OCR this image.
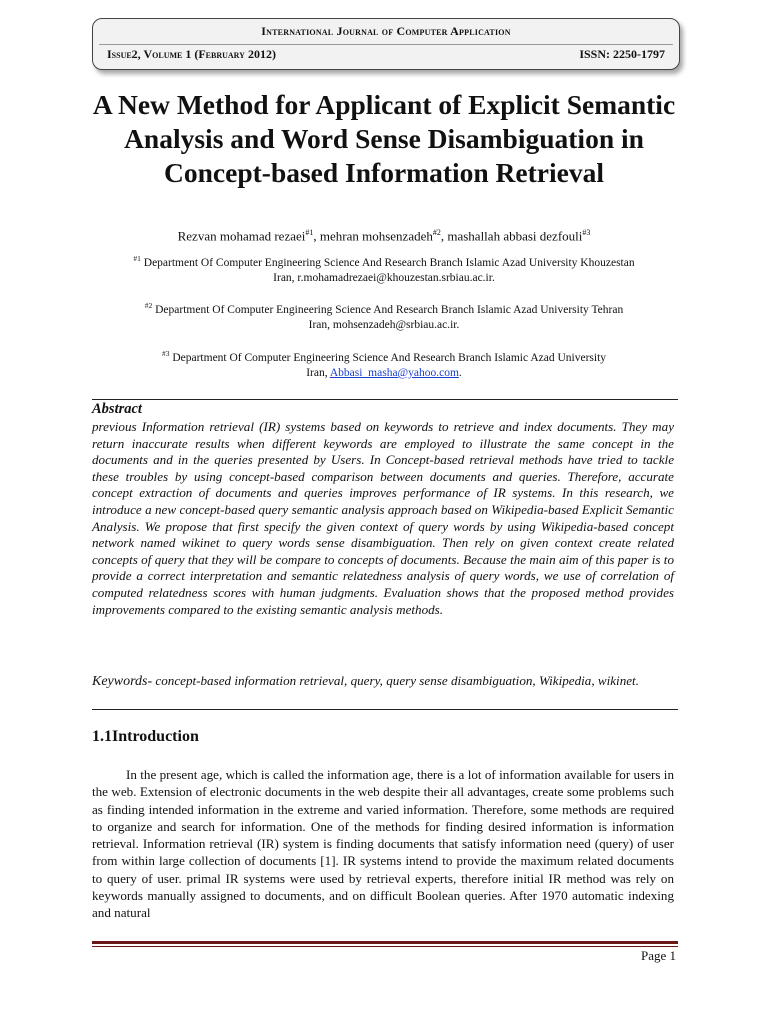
International Journal of Computer Application
Issue2, Volume 1 (February 2012)	ISSN: 2250-1797
A New Method for Applicant of Explicit Semantic Analysis and Word Sense Disambiguation in Concept-based Information Retrieval
Rezvan mohamad rezaei$^{\#1}$, mehran mohsenzadeh$^{\#2}$, mashallah abbasi dezfouli$^{\#3}$
$^{\#1}$ Department Of Computer Engineering Science And Research Branch Islamic Azad University Khouzestan
Iran, r.mohamadrezaei@khouzestan.srbiau.ac.ir.
$^{\#2}$ Department Of Computer Engineering Science And Research Branch Islamic Azad University Tehran
Iran, mohsenzadeh@srbiau.ac.ir.
$^{\#3}$ Department Of Computer Engineering Science And Research Branch Islamic Azad University
Iran, Abbasi_masha@yahoo.com.
Abstract

previous Information retrieval (IR) systems based on keywords to retrieve and index documents. They may return inaccurate results when different keywords are employed to illustrate the same concept in the documents and in the queries presented by Users. In Concept-based retrieval methods have tried to tackle these troubles by using concept-based comparison between documents and queries. Therefore, accurate concept extraction of documents and queries improves performance of IR systems. In this research, we introduce a new concept-based query semantic analysis approach based on Wikipedia-based Explicit Semantic Analysis. We propose that first specify the given context of query words by using Wikipedia-based concept network named wikinet to query words sense disambiguation. Then rely on given context create related concepts of query that they will be compare to concepts of documents. Because the main aim of this paper is to provide a correct interpretation and semantic relatedness analysis of query words, we use of correlation of computed relatedness scores with human judgments. Evaluation shows that the proposed method provides improvements compared to the existing semantic analysis methods.

Keywords- concept-based information retrieval, query, query sense disambiguation, Wikipedia, wikinet.

1.1Introduction

In the present age, which is called the information age, there is a lot of information available for users in the web. Extension of electronic documents in the web despite their all advantages, create some problems such as finding intended information in the extreme and varied information. Therefore, some methods are required to organize and search for information. One of the methods for finding desired information is information retrieval. Information retrieval (IR) system is finding documents that satisfy information need (query) of user from within large collection of documents [1]. IR systems intend to provide the maximum related documents to query of user. primal IR systems were used by retrieval experts, therefore initial IR method was rely on keywords manually assigned to documents, and on difficult Boolean queries. After 1970 automatic indexing and natural

Page 1
